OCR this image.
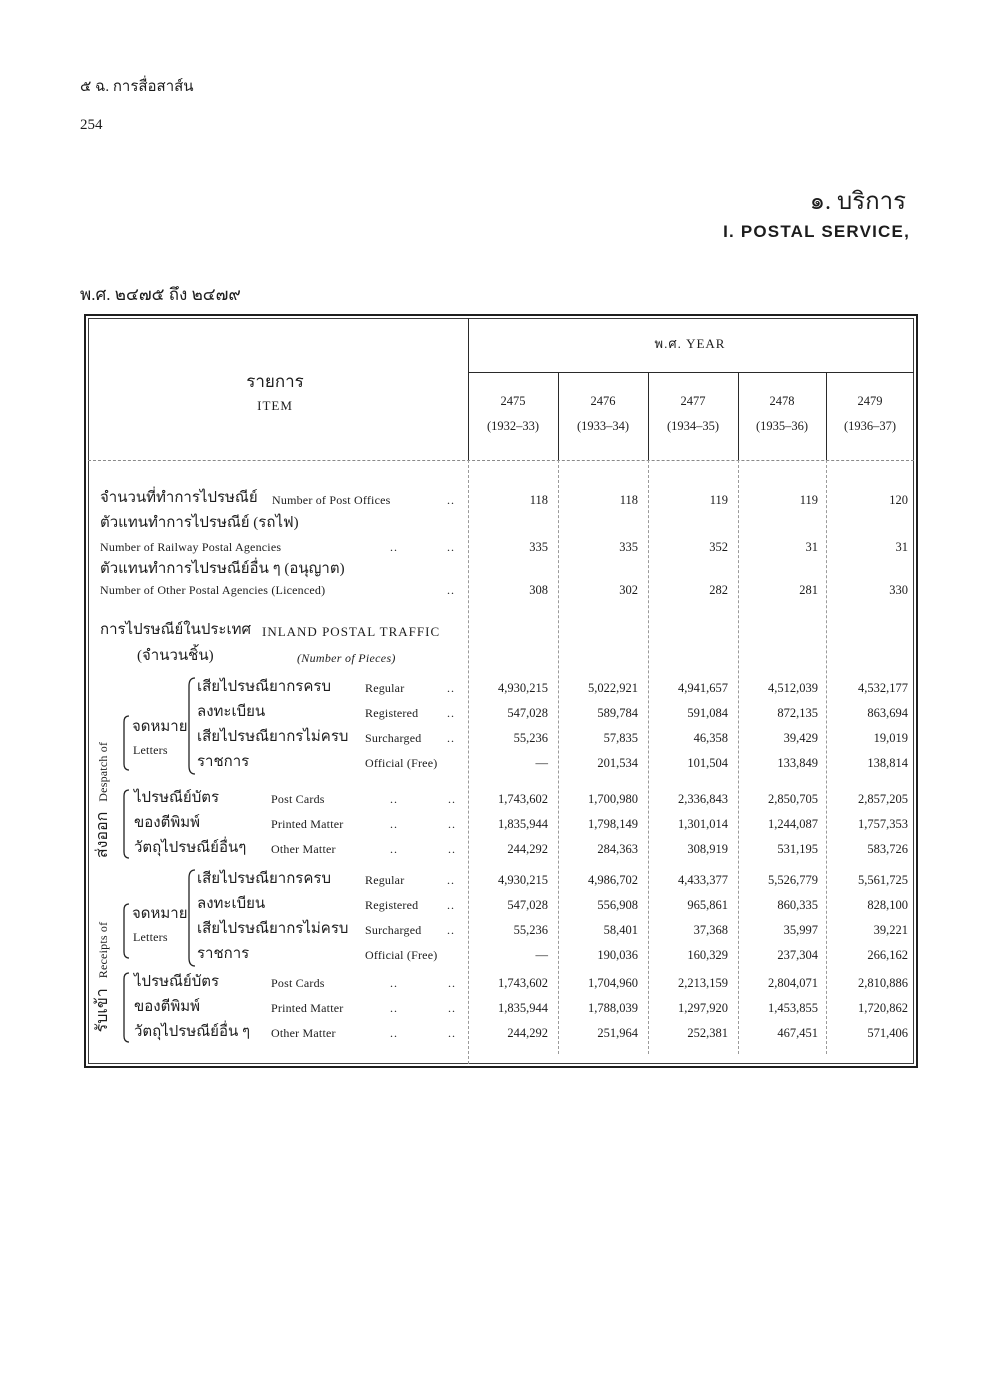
๕ ฉ. การสื่อสาส์น
254
๑. บริการ
I. POSTAL SERVICE,
พ.ศ. ๒๔๗๕ ถึง ๒๔๗๙
พ.ศ. YEAR
รายการ
ITEM
การไปรษณีย์ในประเทศ INLAND POSTAL TRAFFIC
(จำนวนชิ้น)	(Number of Pieces)
ส่งออกDespatch of
รับเข้าReceipts of
จดหมาย
Letters
จดหมาย
Letters
2475
(1932–33)
2476
(1933–34)
2477
(1934–35)
2478
(1935–36)
2479
(1936–37)
จำนวนที่ทำการไปรษณีย์ Number of Post Offices	..	118	118	119	119	120
ตัวแทนทำการไปรษณีย์ (รถไฟ)
Number of Railway Postal Agencies	..	..	335	335	352	31	31
ตัวแทนทำการไปรษณีย์อื่น ๆ (อนุญาต)
Number of Other Postal Agencies (Licenced)	..	308	302	282	281	330
เสียไปรษณียากรครบ	Regular	..	4,930,215	5,022,921	4,941,657	4,512,039	4,532,177
ลงทะเบียน	Registered ..	547,028	589,784	591,084	872,135	863,694
เสียไปรษณียากรไม่ครบ Surcharged ..	55,236	57,835	46,358	39,429	19,019
ราชการ	Official (Free)	—	201,534	101,504	133,849	138,814
ไปรษณีย์บัตร	Post Cards	..	..	1,743,602	1,700,980	2,336,843	2,850,705	2,857,205
ของตีพิมพ์	Printed Matter	..	..	1,835,944	1,798,149	1,301,014	1,244,087	1,757,353
วัตถุไปรษณีย์อื่นๆ Other Matter	..	..	244,292	284,363	308,919	531,195	583,726
เสียไปรษณียากรครบ	Regular	..	4,930,215	4,986,702	4,433,377	5,526,779	5,561,725
ลงทะเบียน	Registered ..	547,028	556,908	965,861	860,335	828,100
เสียไปรษณียากรไม่ครบ Surcharged ..	55,236	58,401	37,368	35,997	39,221
ราชการ	Official (Free)	—	190,036	160,329	237,304	266,162
ไปรษณีย์บัตร	Post Cards	..	..	1,743,602	1,704,960	2,213,159	2,804,071	2,810,886
ของตีพิมพ์	Printed Matter	..	..	1,835,944	1,788,039	1,297,920	1,453,855	1,720,862
วัตถุไปรษณีย์อื่น ๆ Other Matter	..	..	244,292	251,964	252,381	467,451	571,406
